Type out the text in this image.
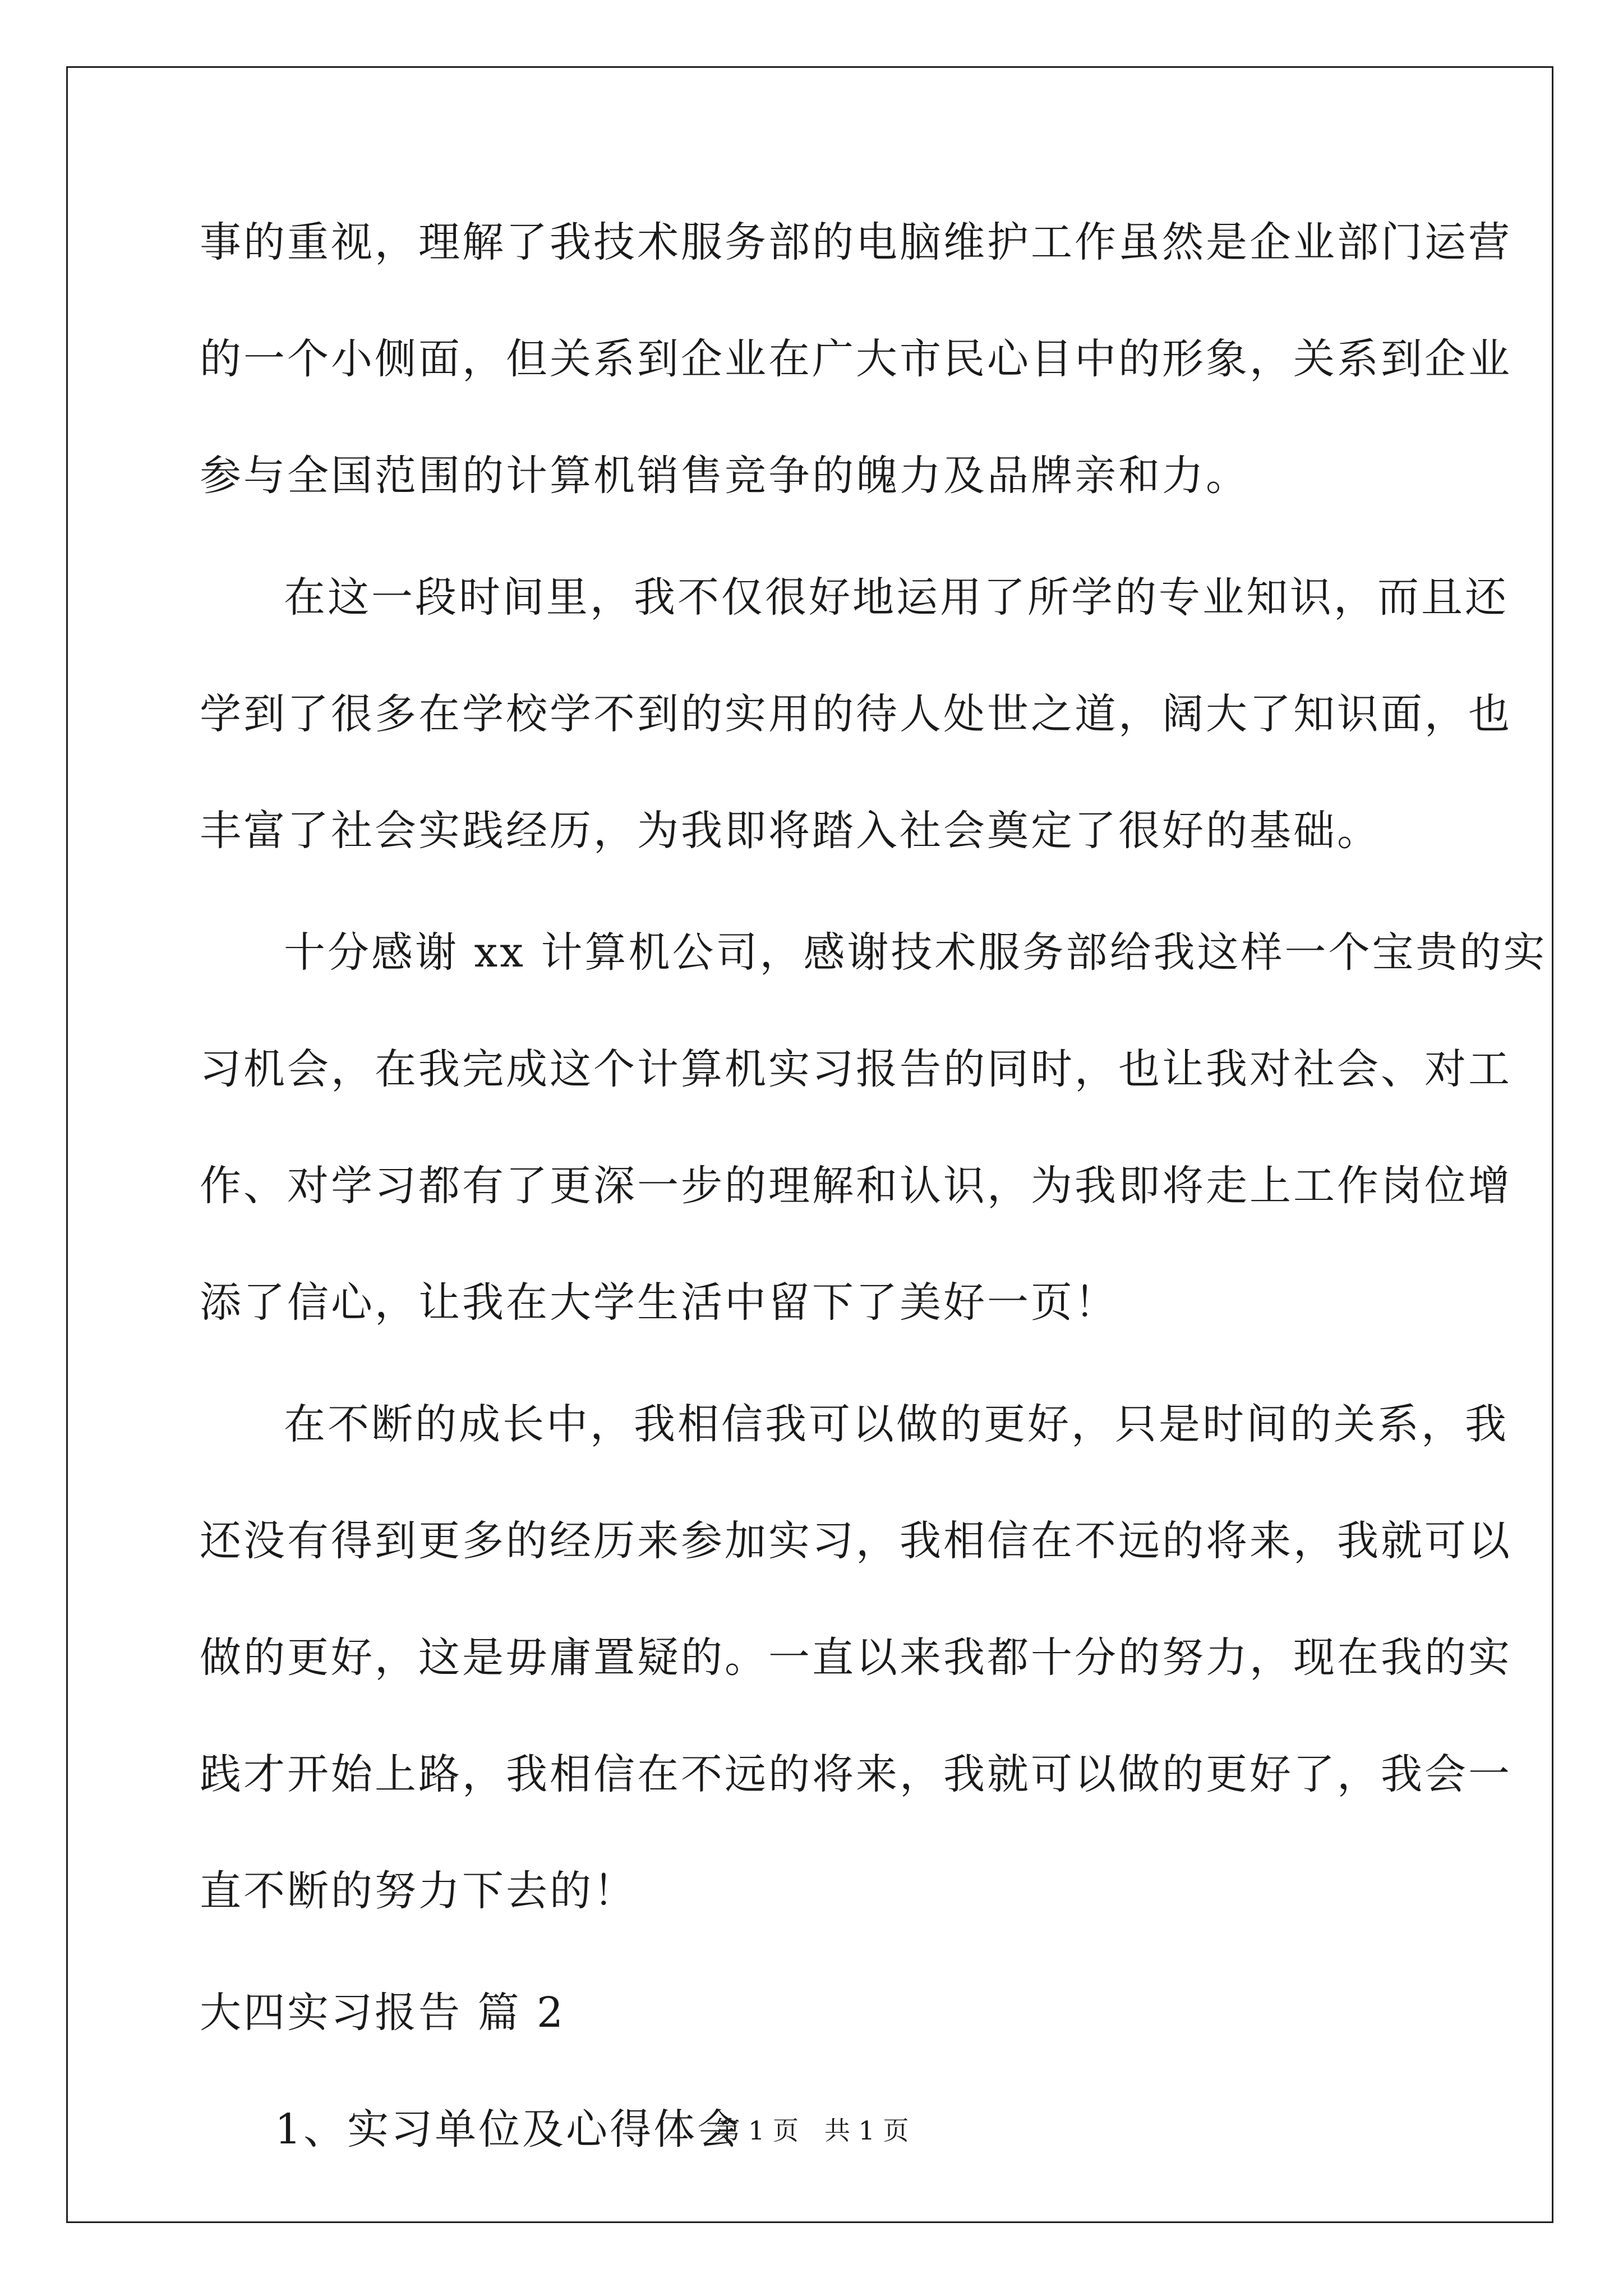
事的重视，理解了我技术服务部的电脑维护工作虽然是企业部门运营
的一个小侧面，但关系到企业在广大市民心目中的形象，关系到企业
参与全国范围的计算机销售竞争的魄力及品牌亲和力。
在这一段时间里，我不仅很好地运用了所学的专业知识，而且还
学到了很多在学校学不到的实用的待人处世之道，阔大了知识面，也
丰富了社会实践经历，为我即将踏入社会奠定了很好的基础。
十分感谢 xx 计算机公司，感谢技术服务部给我这样一个宝贵的实
习机会，在我完成这个计算机实习报告的同时，也让我对社会、对工
作、对学习都有了更深一步的理解和认识，为我即将走上工作岗位增
添了信心，让我在大学生活中留下了美好一页！
在不断的成长中，我相信我可以做的更好，只是时间的关系，我
还没有得到更多的经历来参加实习，我相信在不远的将来，我就可以
做的更好，这是毋庸置疑的。一直以来我都十分的努力，现在我的实
践才开始上路，我相信在不远的将来，我就可以做的更好了，我会一
直不断的努力下去的！
大四实习报告 篇 2
1、实习单位及心得体会
第 1 页　共 1 页
